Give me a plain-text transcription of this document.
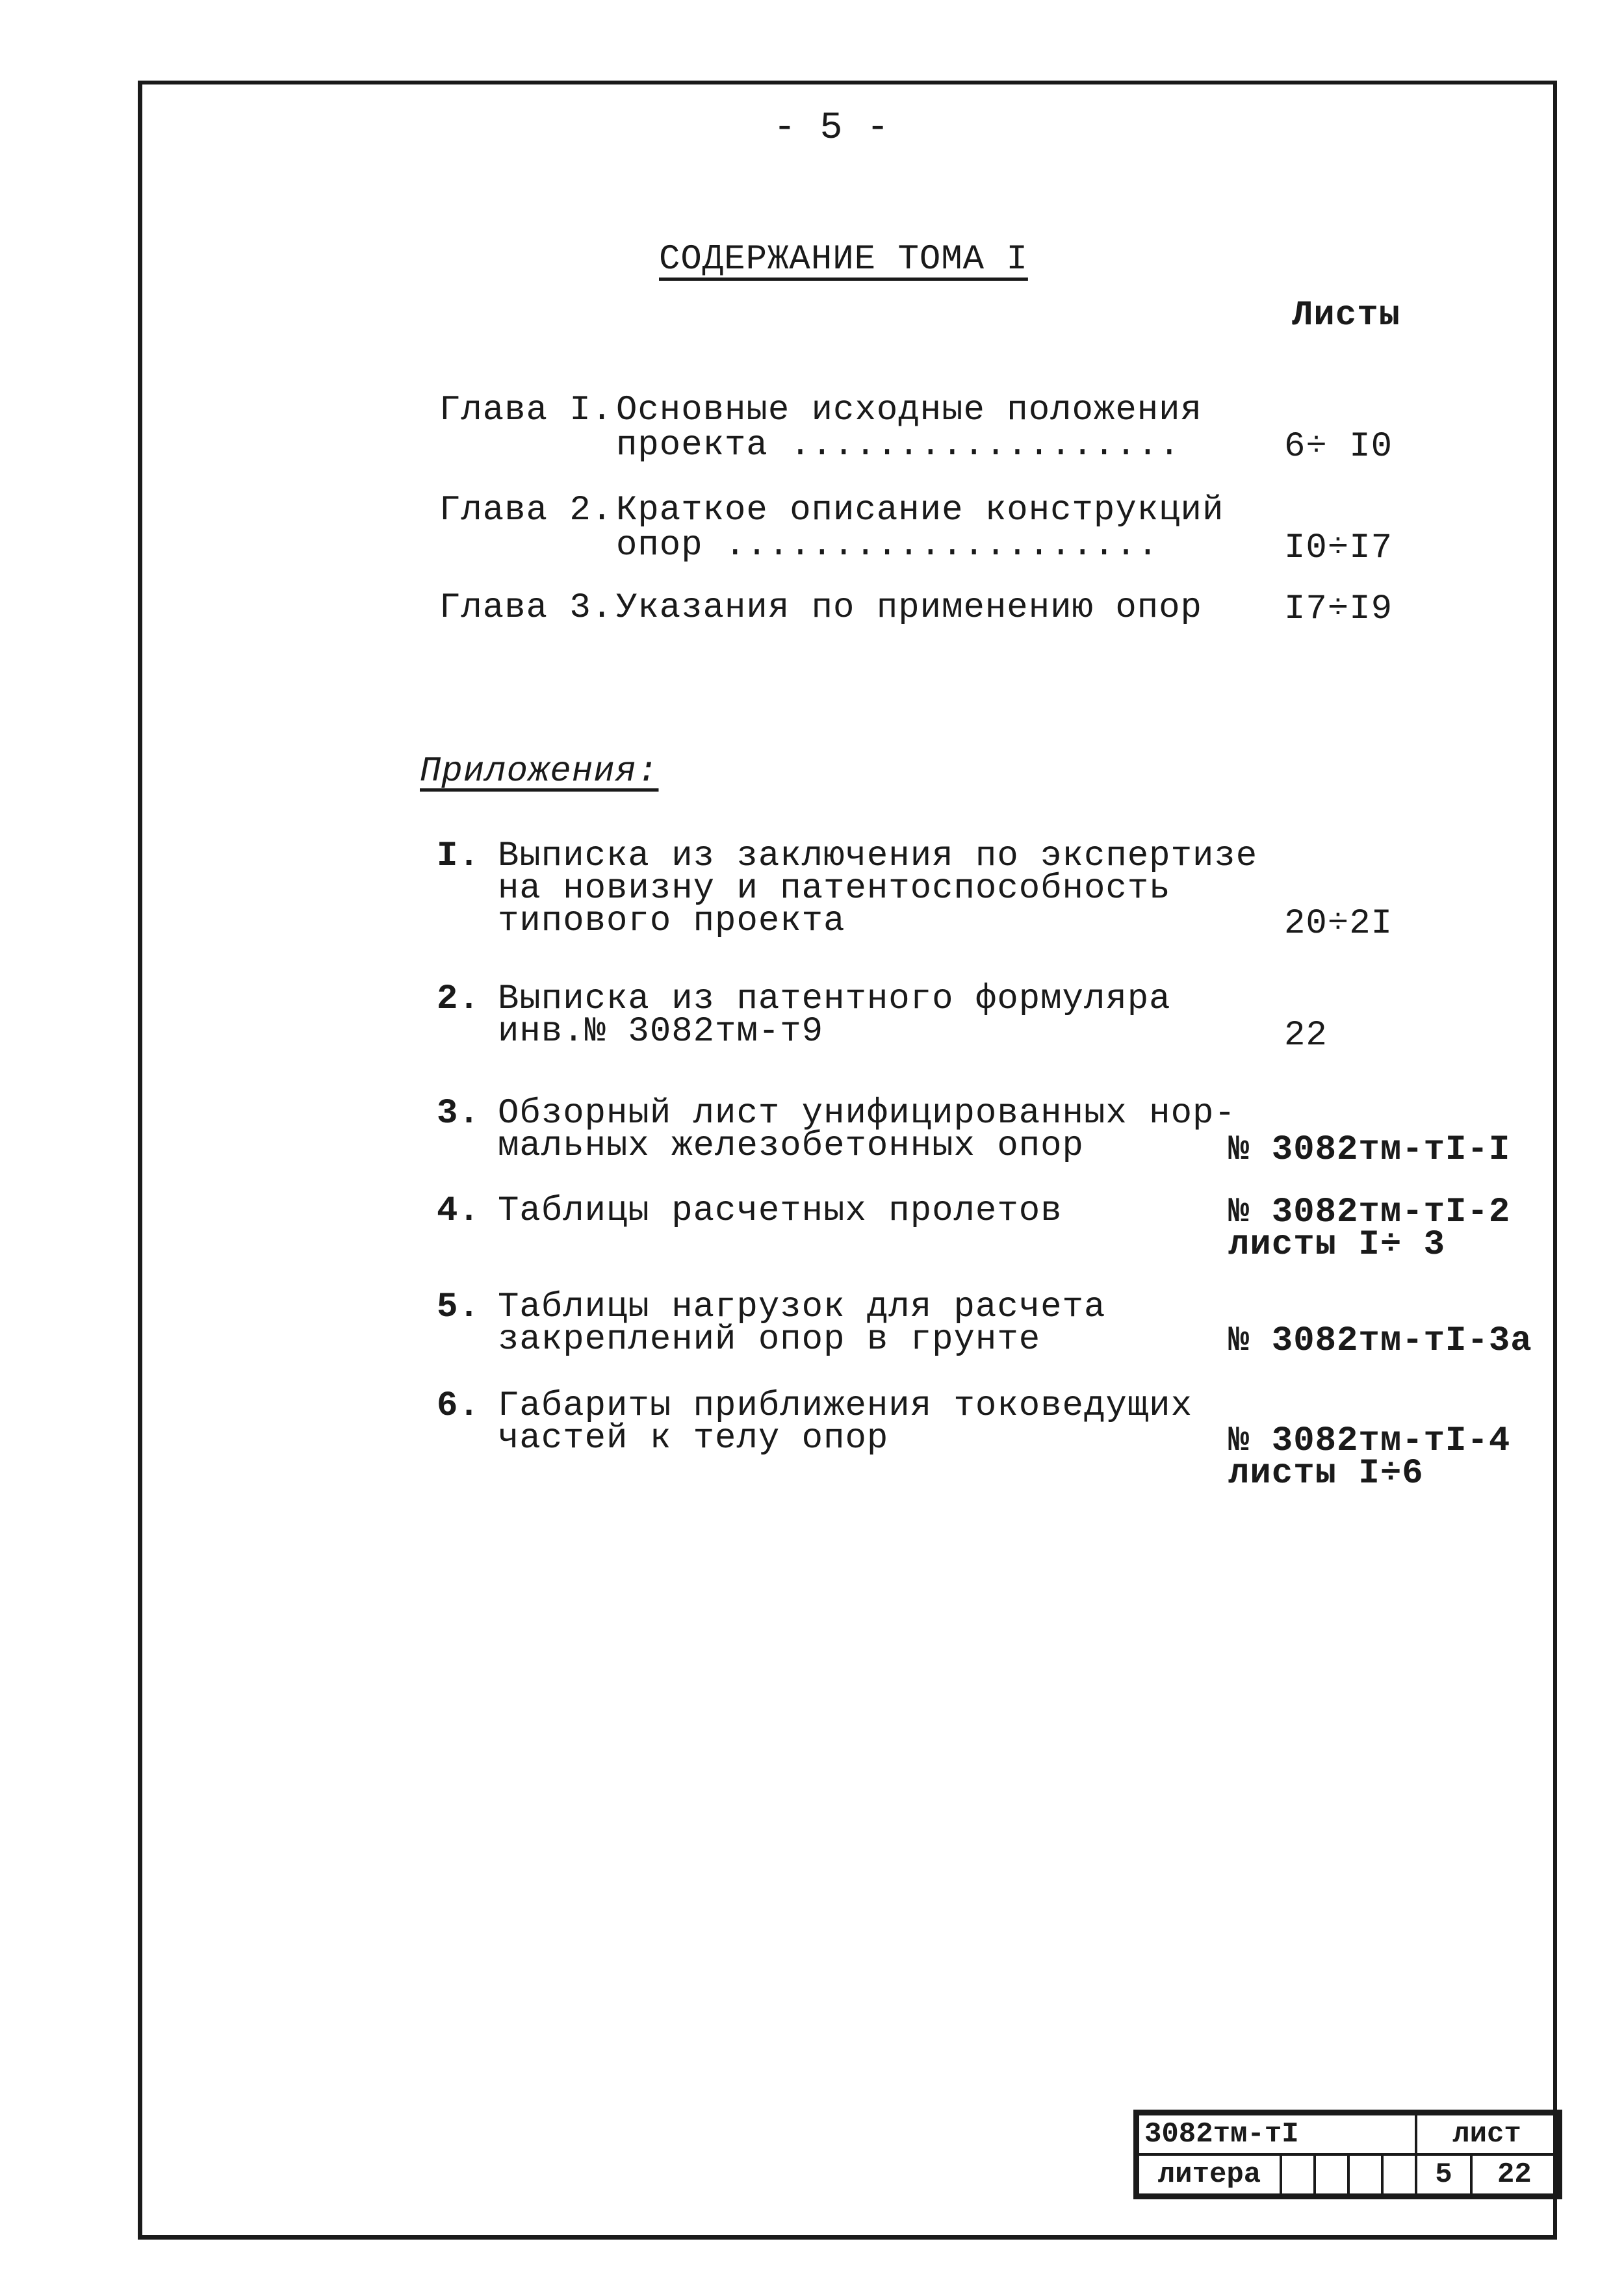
- 5 -
СОДЕРЖАНИЕ ТОМА I
Листы
Глава I. Основные исходные положения
проекта ..................	6÷ I0
Глава 2. Краткое описание конструкций
опор ....................	I0÷I7
Глава 3. Указания по применению опор I7÷I9
Приложения:
I. Выписка из заключения по экспертизе
на новизну и патентоспособность
типового проекта	20÷2I
2. Выписка из патентного формуляра
инв.№ 3082тм-т9	22
3. Обзорный лист унифицированных нор-
мальных железобетонных опор	№ 3082тм-тI-I
4. Таблицы расчетных пролетов	№ 3082тм-тI-2
листы I÷ 3
5. Таблицы нагрузок для расчета
закреплений опор в грунте	№ 3082тм-тI-3а
6. Габариты приближения токоведущих
частей к телу опор	№ 3082тм-тI-4
листы I÷6
3082тм-тI					лист	
литера					5	22
